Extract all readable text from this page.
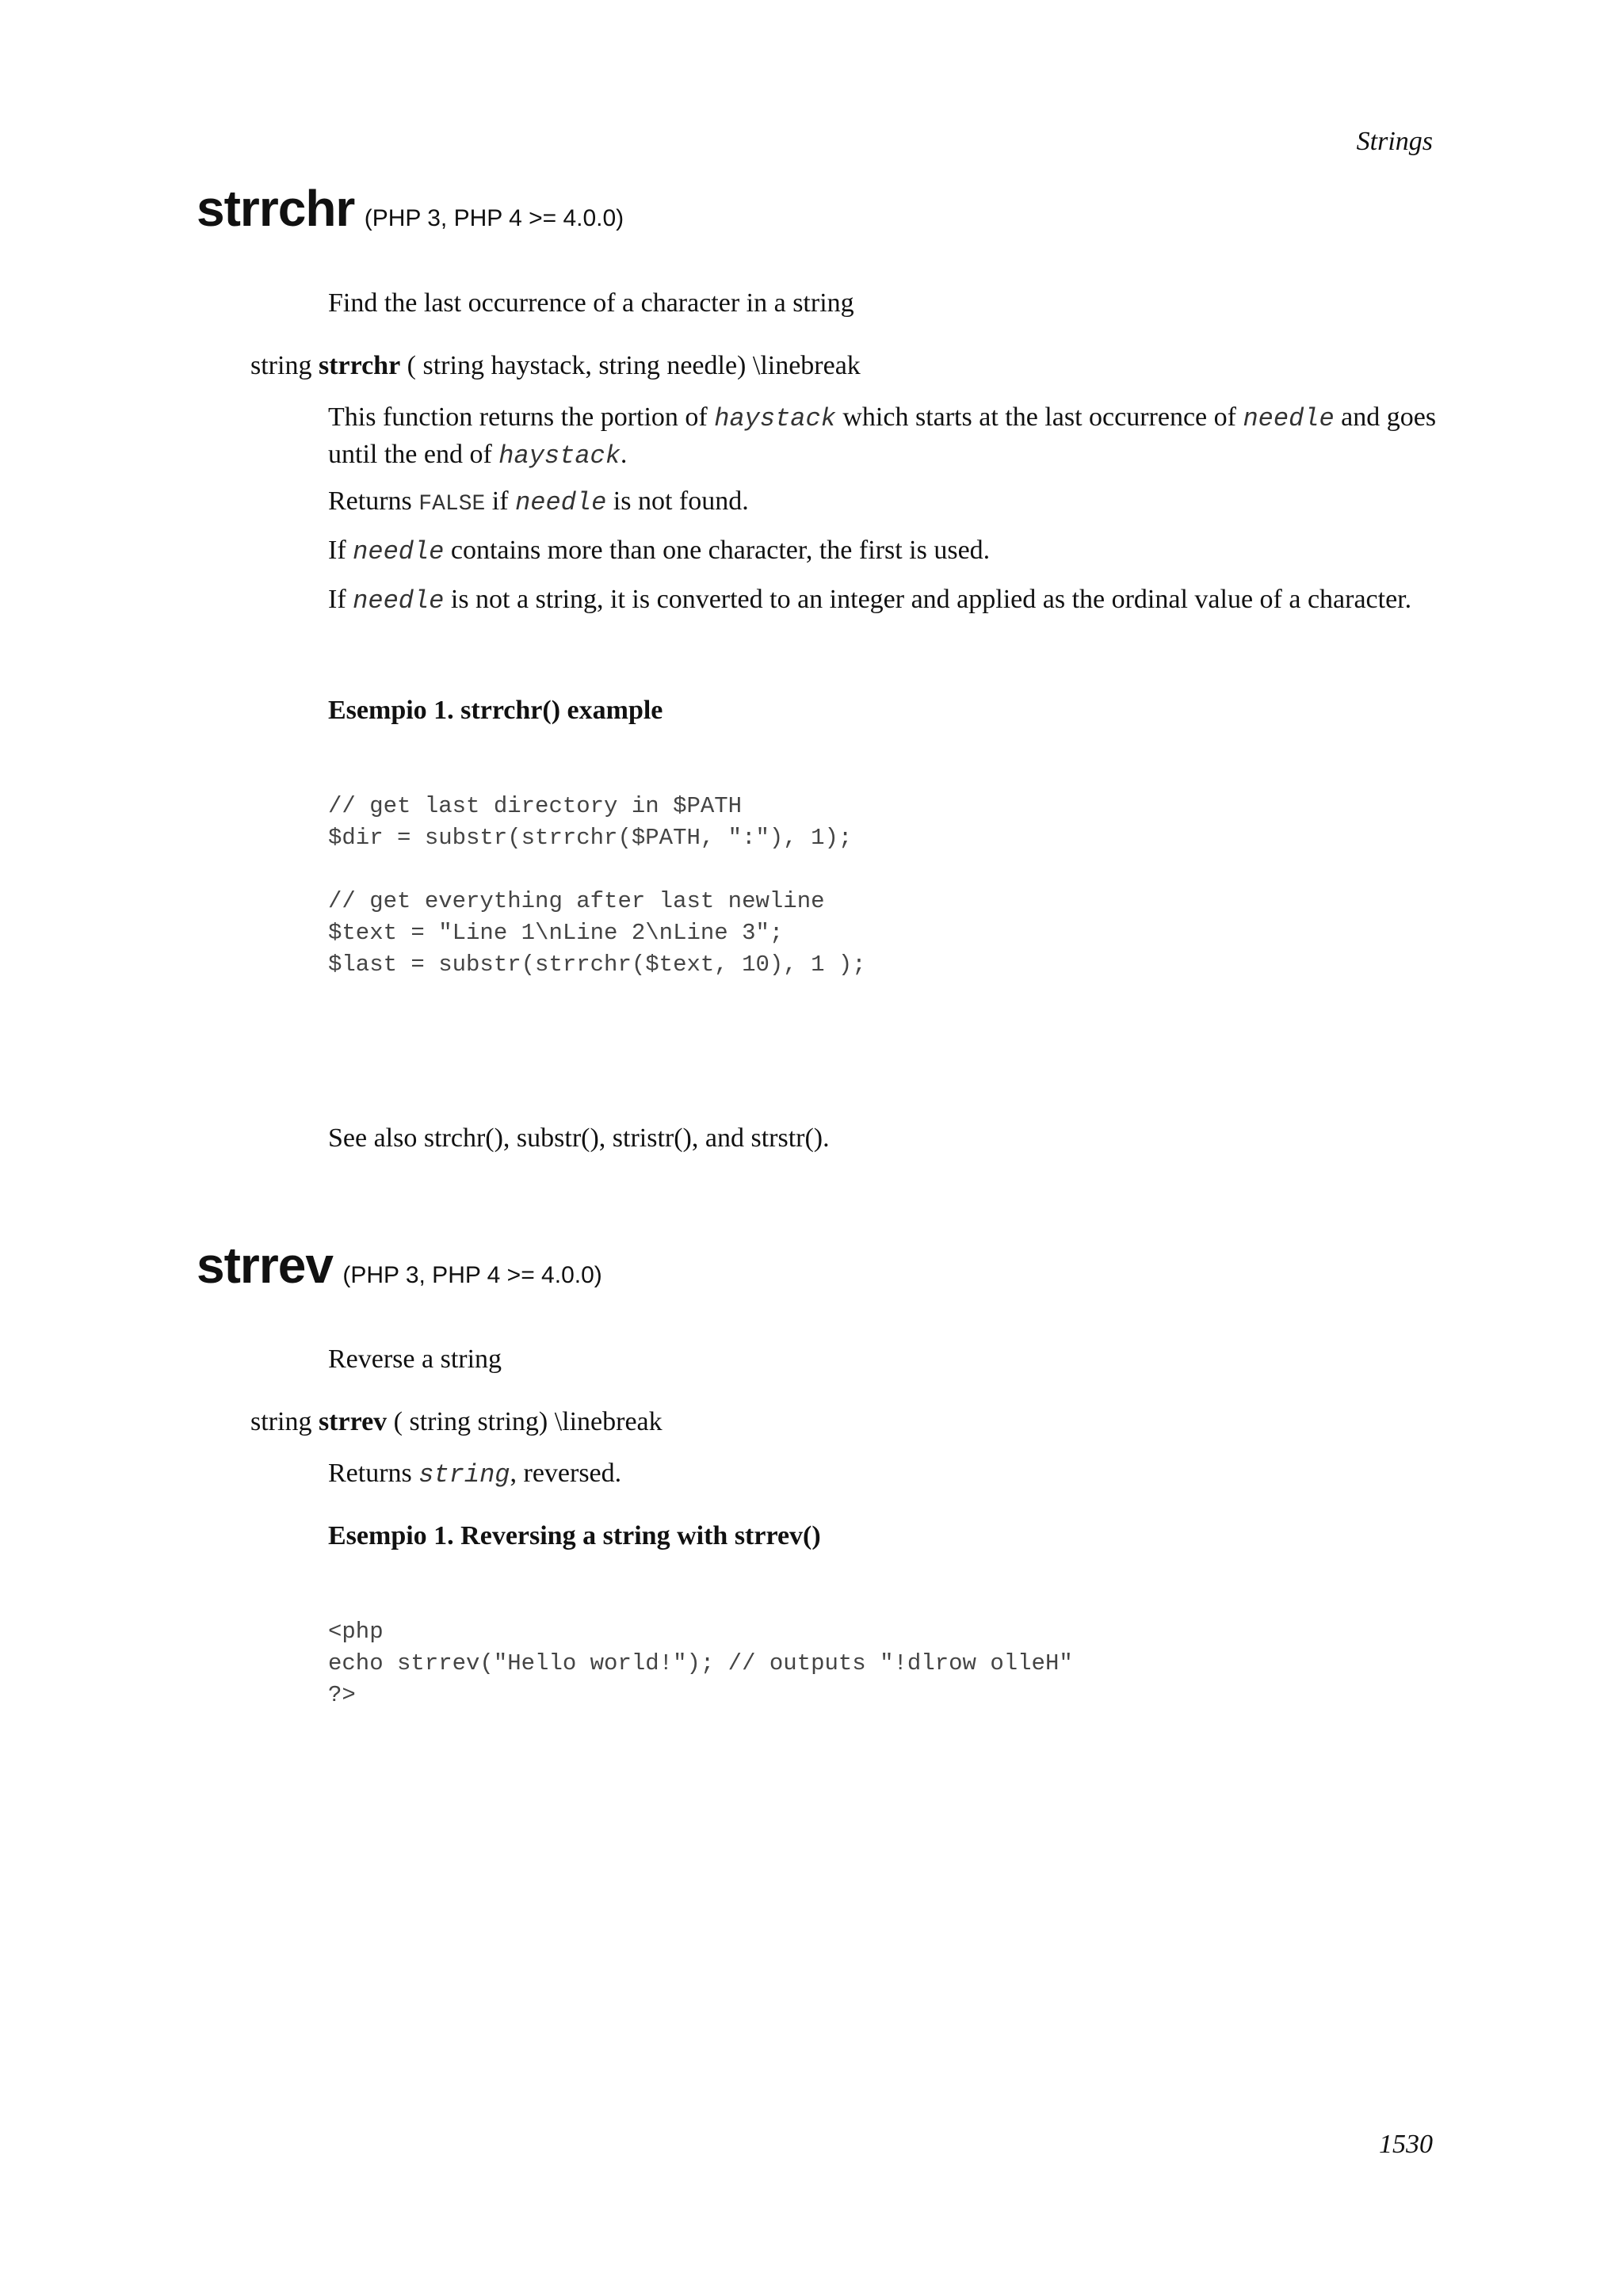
Strings
strrchr (PHP 3, PHP 4 >= 4.0.0)
Find the last occurrence of a character in a string
string strrchr ( string haystack, string needle) \linebreak
This function returns the portion of haystack which starts at the last occurrence of needle and goes until the end of haystack.
Returns FALSE if needle is not found.
If needle contains more than one character, the first is used.
If needle is not a string, it is converted to an integer and applied as the ordinal value of a character.
Esempio 1. strrchr() example
// get last directory in $PATH
$dir = substr(strrchr($PATH, ":"), 1);

// get everything after last newline
$text = "Line 1\nLine 2\nLine 3";
$last = substr(strrchr($text, 10), 1 );
See also strchr(), substr(), stristr(), and strstr().
strrev (PHP 3, PHP 4 >= 4.0.0)
Reverse a string
string strrev ( string string) \linebreak
Returns string, reversed.
Esempio 1. Reversing a string with strrev()
<php
echo strrev("Hello world!"); // outputs "!dlrow olleH"
?>
1530
